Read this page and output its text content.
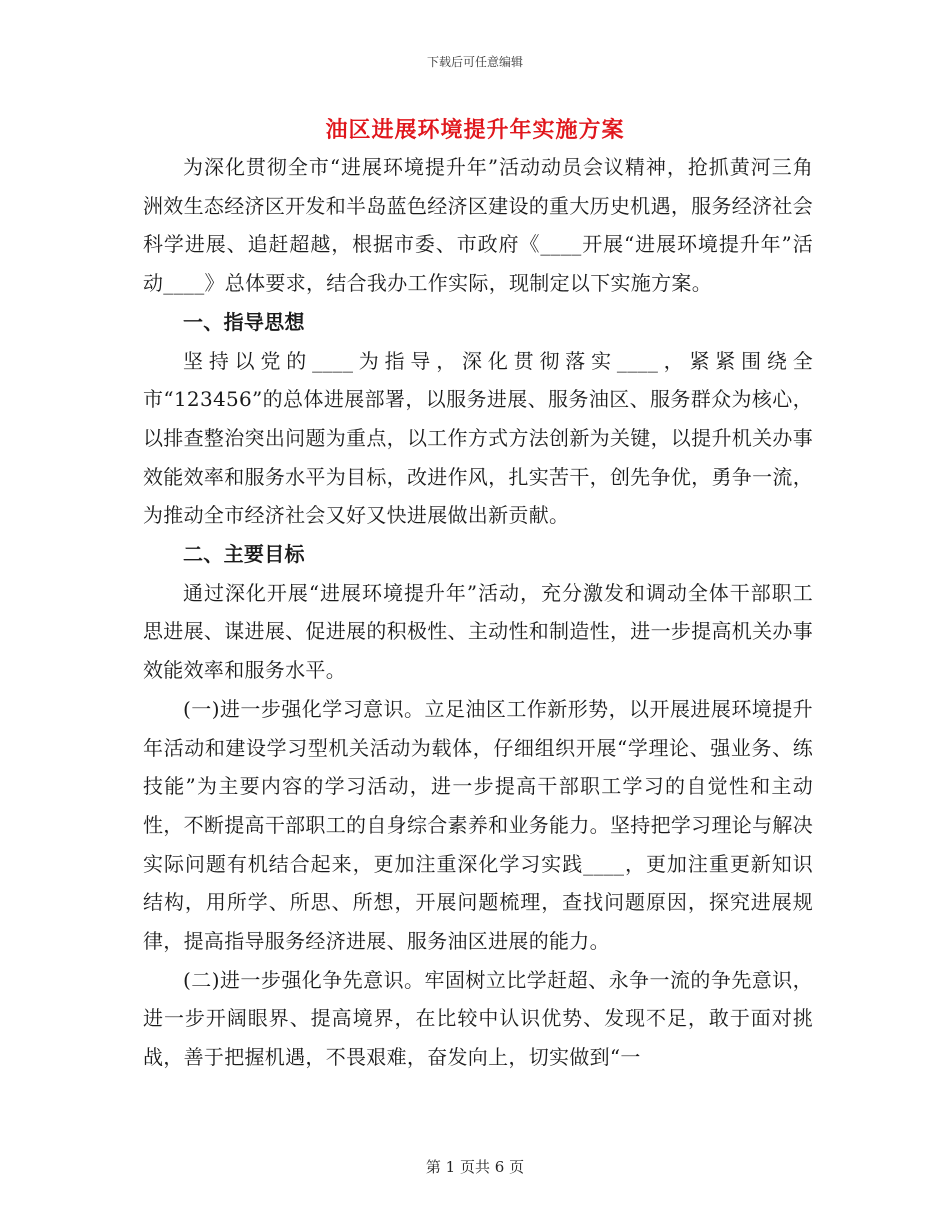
下载后可任意编辑
油区进展环境提升年实施方案

为深化贯彻全市“进展环境提升年”活动动员会议精神，抢抓黄河三角洲效生态经济区开发和半岛蓝色经济区建设的重大历史机遇，服务经济社会科学进展、追赶超越，根据市委、市政府《____开展“进展环境提升年”活动____》总体要求，结合我办工作实际，现制定以下实施方案。

一、指导思想

坚持以党的____为指导，深化贯彻落实____，紧紧围绕全市“123456”的总体进展部署，以服务进展、服务油区、服务群众为核心，以排查整治突出问题为重点，以工作方式方法创新为关键，以提升机关办事效能效率和服务水平为目标，改进作风，扎实苦干，创先争优，勇争一流，为推动全市经济社会又好又快进展做出新贡献。

二、主要目标

通过深化开展“进展环境提升年”活动，充分激发和调动全体干部职工思进展、谋进展、促进展的积极性、主动性和制造性，进一步提高机关办事效能效率和服务水平。

(一)进一步强化学习意识。立足油区工作新形势，以开展进展环境提升年活动和建设学习型机关活动为载体，仔细组织开展“学理论、强业务、练技能”为主要内容的学习活动，进一步提高干部职工学习的自觉性和主动性，不断提高干部职工的自身综合素养和业务能力。坚持把学习理论与解决实际问题有机结合起来，更加注重深化学习实践____，更加注重更新知识结构，用所学、所思、所想，开展问题梳理，查找问题原因，探究进展规律，提高指导服务经济进展、服务油区进展的能力。

(二)进一步强化争先意识。牢固树立比学赶超、永争一流的争先意识，进一步开阔眼界、提高境界，在比较中认识优势、发现不足，敢于面对挑战，善于把握机遇，不畏艰难，奋发向上，切实做到“一

第 1 页共 6 页
